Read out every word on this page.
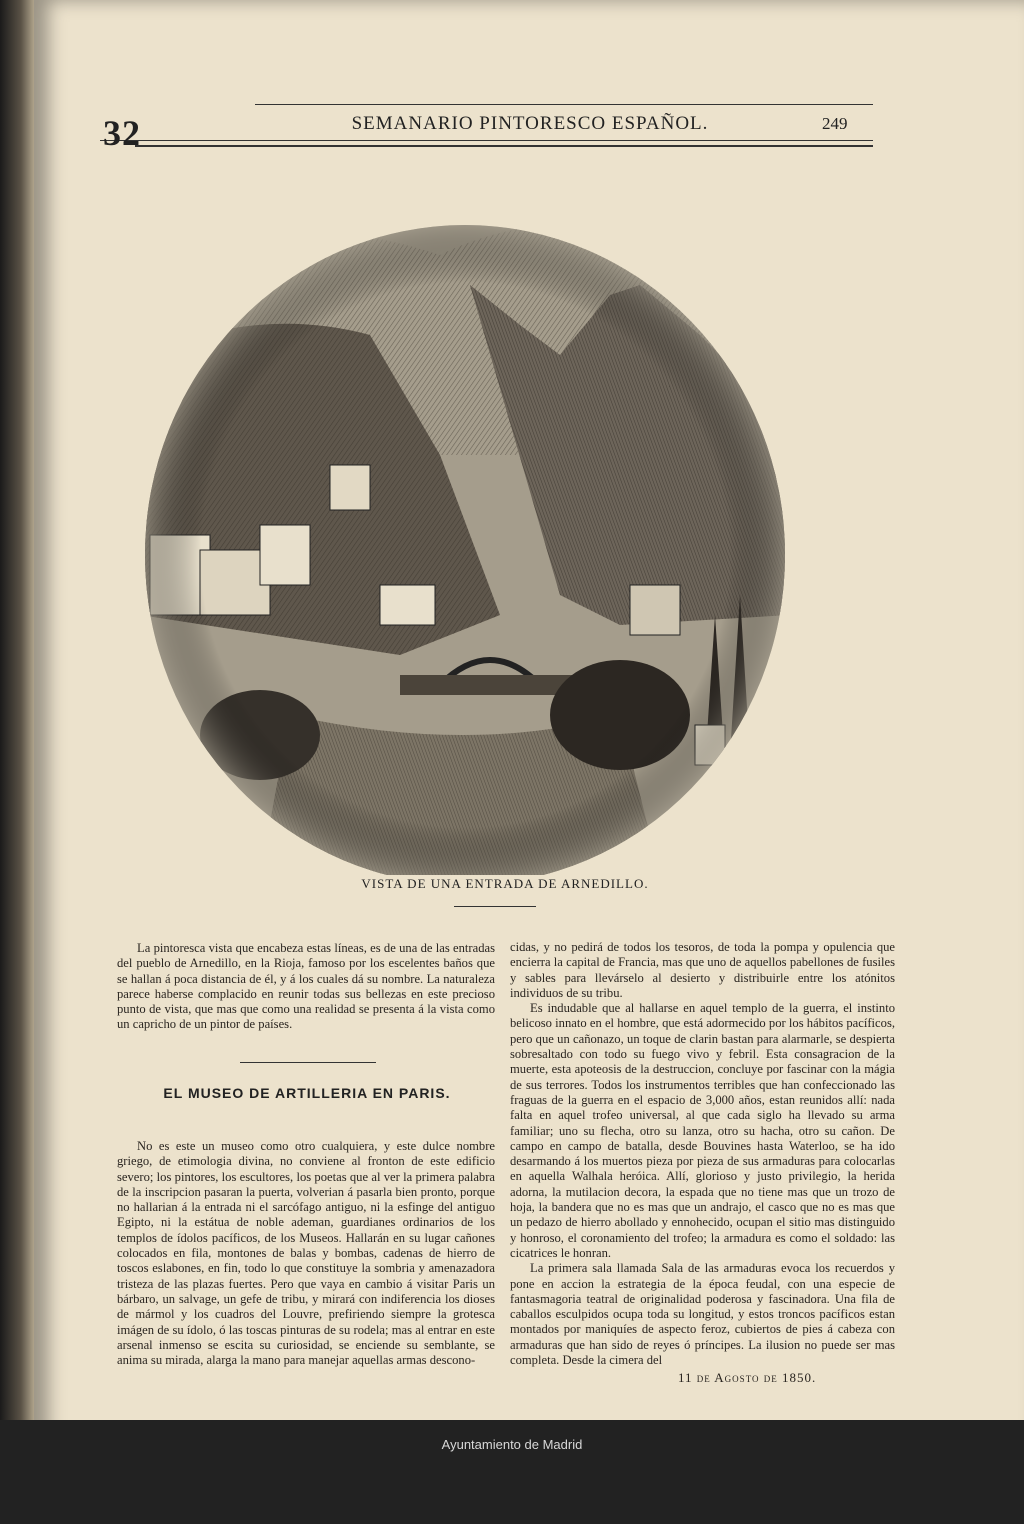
32	SEMANARIO PINTORESCO ESPAÑOL.	249
VISTA DE UNA ENTRADA DE ARNEDILLO.

La pintoresca vista que encabeza estas líneas, es de una de las entradas del pueblo de Arnedillo, en la Rioja, famoso por los escelentes baños que se hallan á poca distancia de él, y á los cuales dá su nombre. La naturaleza parece haberse complacido en reunir todas sus bellezas en este precioso punto de vista, que mas que como una realidad se presenta á la vista como un capricho de un pintor de países.

EL MUSEO DE ARTILLERIA EN PARIS.

No es este un museo como otro cualquiera, y este dulce nombre griego, de etimologia divina, no conviene al fronton de este edificio severo; los pintores, los escultores, los poetas que al ver la primera palabra de la inscripcion pasaran la puerta, volverian á pasarla bien pronto, porque no hallarian á la entrada ni el sarcófago antiguo, ni la esfinge del antiguo Egipto, ni la estátua de noble ademan, guardianes ordinarios de los templos de ídolos pacíficos, de los Museos. Hallarán en su lugar cañones colocados en fila, montones de balas y bombas, cadenas de hierro de toscos eslabones, en fin, todo lo que constituye la sombria y amenazadora tristeza de las plazas fuertes. Pero que vaya en cambio á visitar Paris un bárbaro, un salvage, un gefe de tribu, y mirará con indiferencia los dioses de mármol y los cuadros del Louvre, prefiriendo siempre la grotesca imágen de su ídolo, ó las toscas pinturas de su rodela; mas al entrar en este arsenal inmenso se escita su curiosidad, se enciende su semblante, se anima su mirada, alarga la mano para manejar aquellas armas descono-

cidas, y no pedirá de todos los tesoros, de toda la pompa y opulencia que encierra la capital de Francia, mas que uno de aquellos pabellones de fusiles y sables para llevárselo al desierto y distribuirle entre los atónitos individuos de su tribu.

Es indudable que al hallarse en aquel templo de la guerra, el instinto belicoso innato en el hombre, que está adormecido por los hábitos pacíficos, pero que un cañonazo, un toque de clarin bastan para alarmarle, se despierta sobresaltado con todo su fuego vivo y febril. Esta consagracion de la muerte, esta apoteosis de la destruccion, concluye por fascinar con la mágia de sus terrores. Todos los instrumentos terribles que han confeccionado las fraguas de la guerra en el espacio de 3,000 años, estan reunidos allí: nada falta en aquel trofeo universal, al que cada siglo ha llevado su arma familiar; uno su flecha, otro su lanza, otro su hacha, otro su cañon. De campo en campo de batalla, desde Bouvines hasta Waterloo, se ha ido desarmando á los muertos pieza por pieza de sus armaduras para colocarlas en aquella Walhala heróica. Allí, glorioso y justo privilegio, la herida adorna, la mutilacion decora, la espada que no tiene mas que un trozo de hoja, la bandera que no es mas que un andrajo, el casco que no es mas que un pedazo de hierro abollado y ennohecido, ocupan el sitio mas distinguido y honroso, el coronamiento del trofeo; la armadura es como el soldado: las cicatrices le honran.

La primera sala llamada Sala de las armaduras evoca los recuerdos y pone en accion la estrategia de la época feudal, con una especie de fantasmagoria teatral de originalidad poderosa y fascinadora. Una fila de caballos esculpidos ocupa toda su longitud, y estos troncos pacíficos estan montados por maniquíes de aspecto feroz, cubiertos de pies á cabeza con armaduras que han sido de reyes ó príncipes. La ilusion no puede ser mas completa. Desde la cimera del

11 de Agosto de 1850.
Ayuntamiento de Madrid
